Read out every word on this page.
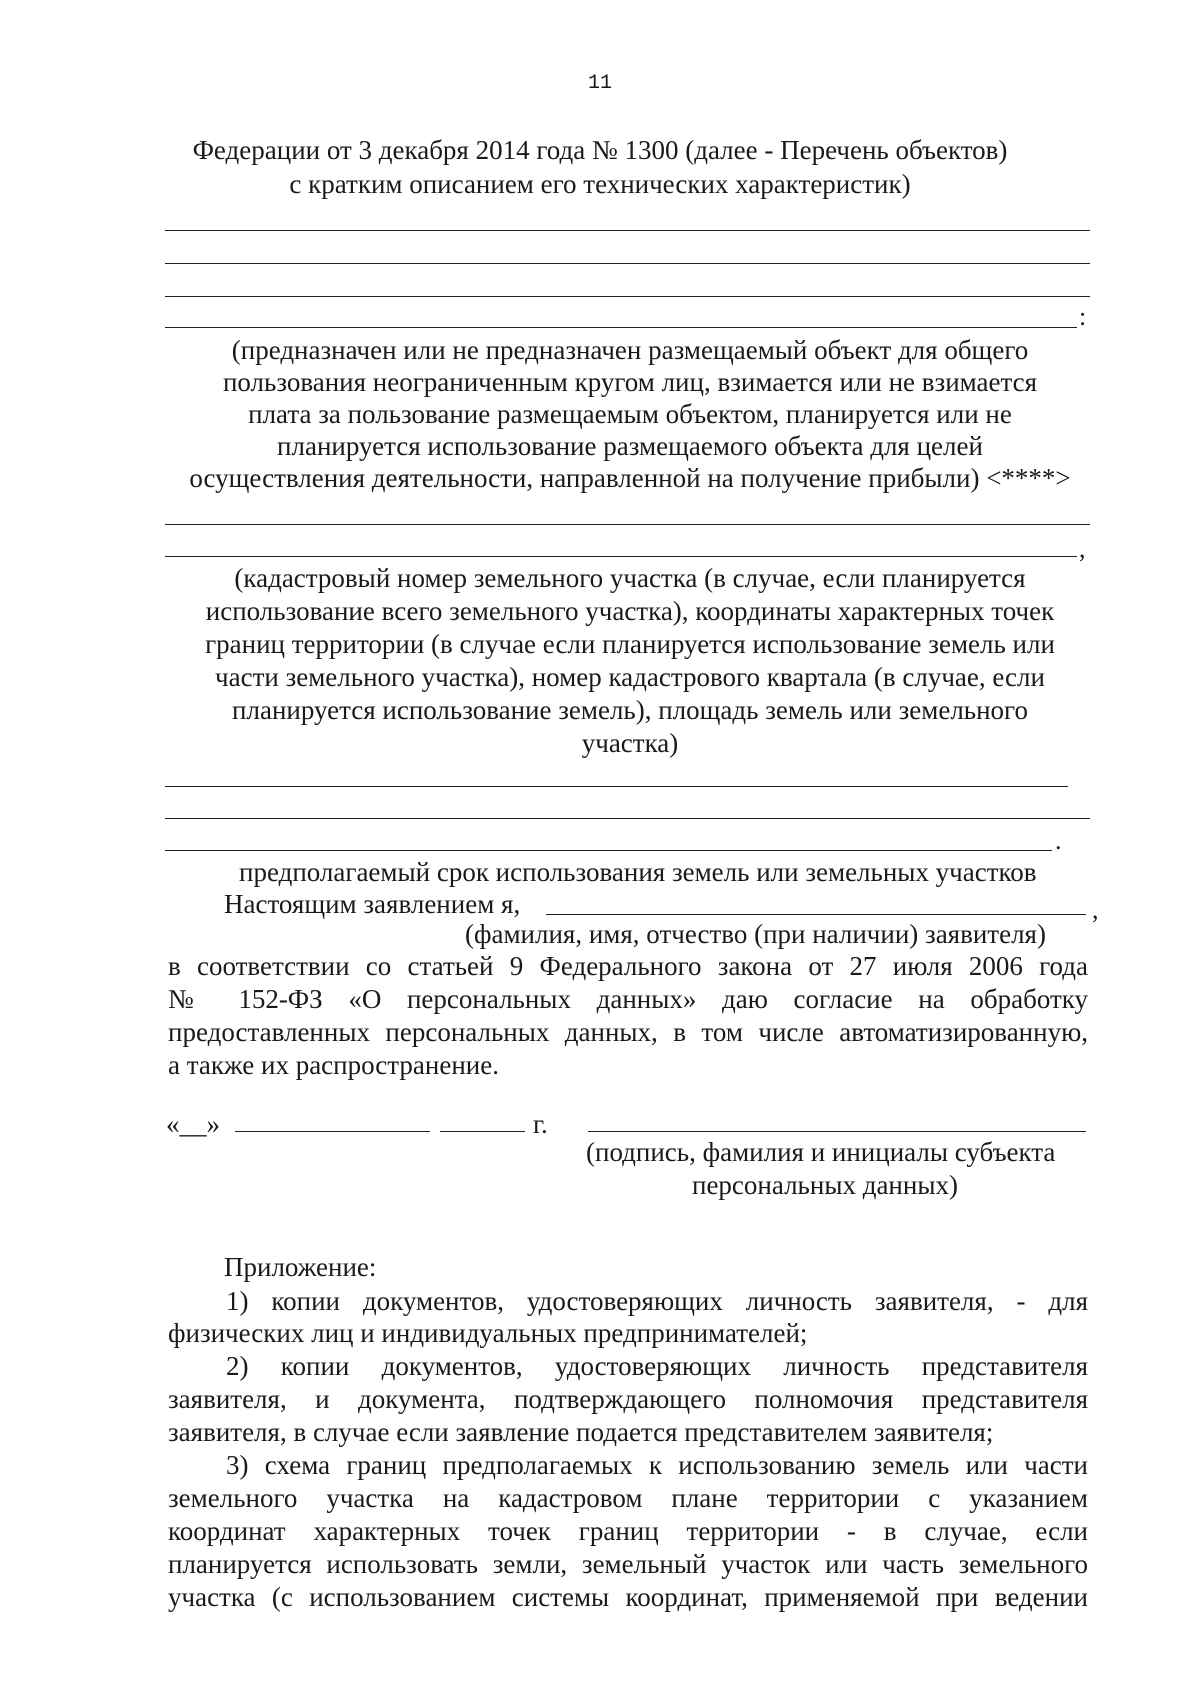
11
Федерации от 3 декабря 2014 года № 1300 (далее - Перечень объектов)
с кратким описанием его технических характеристик)
:
(предназначен или не предназначен размещаемый объект для общего
пользования неограниченным кругом лиц, взимается или не взимается
плата за пользование размещаемым объектом, планируется или не
планируется использование размещаемого объекта для целей
осуществления деятельности, направленной на получение прибыли) <****>
,
(кадастровый номер земельного участка (в случае, если планируется
использование всего земельного участка), координаты характерных точек
границ территории (в случае если планируется использование земель или
части земельного участка), номер кадастрового квартала (в случае, если
планируется использование земель), площадь земель или земельного
участка)
.
предполагаемый срок использования земель или земельных участков
Настоящим заявлением я,	,
(фамилия, имя, отчество (при наличии) заявителя)
в соответствии со статьей 9 Федерального закона от 27 июля 2006 года
№ 152-ФЗ «О персональных данных» даю согласие на обработку
предоставленных персональных данных, в том числе автоматизированную,
а также их распространение.
«__»	г.
(подпись, фамилия и инициалы субъекта
персональных данных)
Приложение:
1) копии документов, удостоверяющих личность заявителя, - для
физических лиц и индивидуальных предпринимателей;
2) копии документов, удостоверяющих личность представителя
заявителя, и документа, подтверждающего полномочия представителя
заявителя, в случае если заявление подается представителем заявителя;
3) схема границ предполагаемых к использованию земель или части
земельного участка на кадастровом плане территории с указанием
координат характерных точек границ территории - в случае, если
планируется использовать земли, земельный участок или часть земельного
участка (с использованием системы координат, применяемой при ведении
